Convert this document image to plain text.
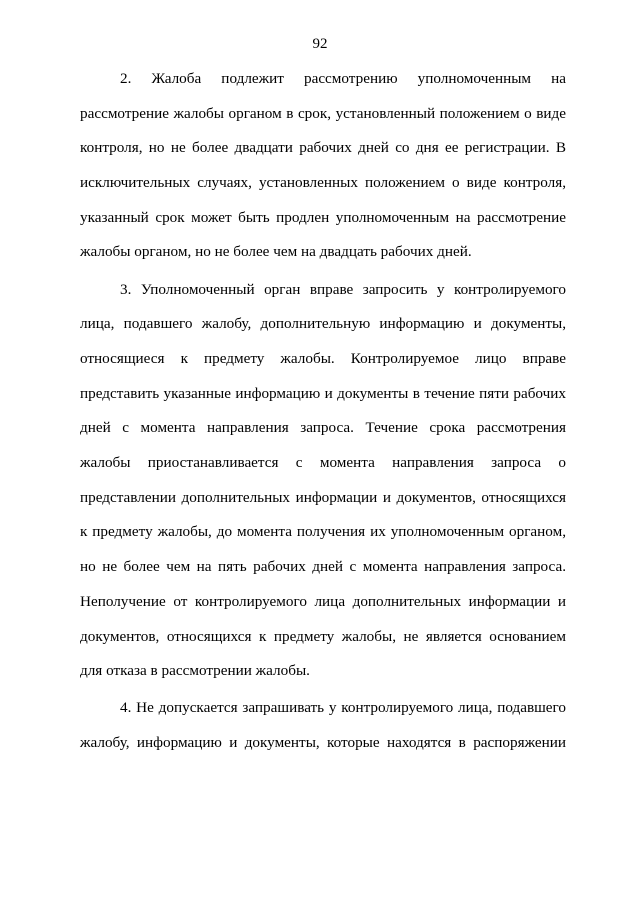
92
2. Жалоба подлежит рассмотрению уполномоченным на
рассмотрение жалобы органом в срок, установленный положением о виде
контроля, но не более двадцати рабочих дней со дня ее регистрации. В
исключительных случаях, установленных положением о виде контроля,
указанный срок может быть продлен уполномоченным на рассмотрение
жалобы органом, но не более чем на двадцать рабочих дней.
3. Уполномоченный орган вправе запросить у контролируемого
лица, подавшего жалобу, дополнительную информацию и документы,
относящиеся к предмету жалобы. Контролируемое лицо вправе
представить указанные информацию и документы в течение пяти рабочих
дней с момента направления запроса. Течение срока рассмотрения
жалобы приостанавливается с момента направления запроса о
представлении дополнительных информации и документов, относящихся
к предмету жалобы, до момента получения их уполномоченным органом,
но не более чем на пять рабочих дней с момента направления запроса.
Неполучение от контролируемого лица дополнительных информации и
документов, относящихся к предмету жалобы, не является основанием
для отказа в рассмотрении жалобы.
4. Не допускается запрашивать у контролируемого лица, подавшего
жалобу, информацию и документы, которые находятся в распоряжении
